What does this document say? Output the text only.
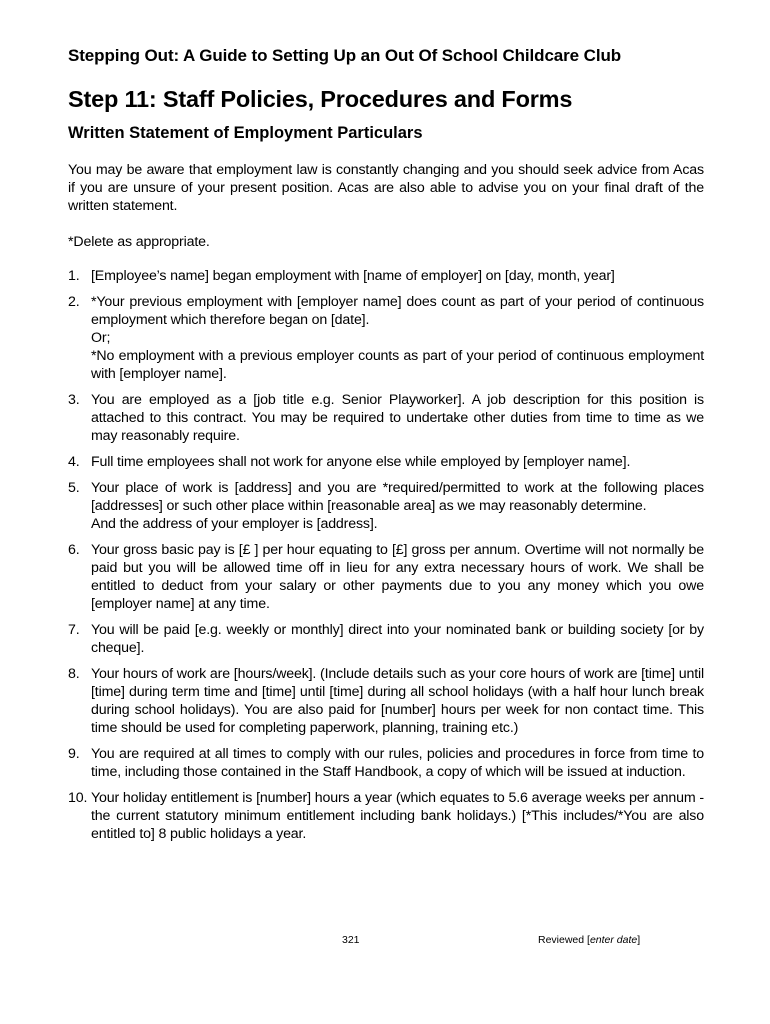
Stepping Out: A Guide to Setting Up an Out Of School Childcare Club
Step 11: Staff Policies, Procedures and Forms
Written Statement of Employment Particulars

You may be aware that employment law is constantly changing and you should seek advice from Acas if you are unsure of your present position. Acas are also able to advise you on your final draft of the written statement.

*Delete as appropriate.

1. [Employee’s name] began employment with [name of employer] on [day, month, year]

2. *Your previous employment with [employer name] does count as part of your period of continuous employment which therefore began on [date].

Or;

*No employment with a previous employer counts as part of your period of continuous employment with [employer name].

3. You are employed as a [job title e.g. Senior Playworker]. A job description for this position is attached to this contract. You may be required to undertake other duties from time to time as we may reasonably require.

4. Full time employees shall not work for anyone else while employed by [employer name].

5. Your place of work is [address] and you are *required/permitted to work at the following places [addresses] or such other place within [reasonable area] as we may reasonably determine.

And the address of your employer is [address].

6. Your gross basic pay is [£ ] per hour equating to [£] gross per annum. Overtime will not normally be paid but you will be allowed time off in lieu for any extra necessary hours of work. We shall be entitled to deduct from your salary or other payments due to you any money which you owe [employer name] at any time.

7. You will be paid [e.g. weekly or monthly] direct into your nominated bank or building society [or by cheque].

8. Your hours of work are [hours/week]. (Include details such as your core hours of work are [time] until [time] during term time and [time] until [time] during all school holidays (with a half hour lunch break during school holidays). You are also paid for [number] hours per week for non contact time. This time should be used for completing paperwork, planning, training etc.)

9. You are required at all times to comply with our rules, policies and procedures in force from time to time, including those contained in the Staff Handbook, a copy of which will be issued at induction.

10. Your holiday entitlement is [number] hours a year (which equates to 5.6 average weeks per annum - the current statutory minimum entitlement including bank holidays.) [*This includes/*You are also entitled to] 8 public holidays a year.

321	Reviewed [enter date]
